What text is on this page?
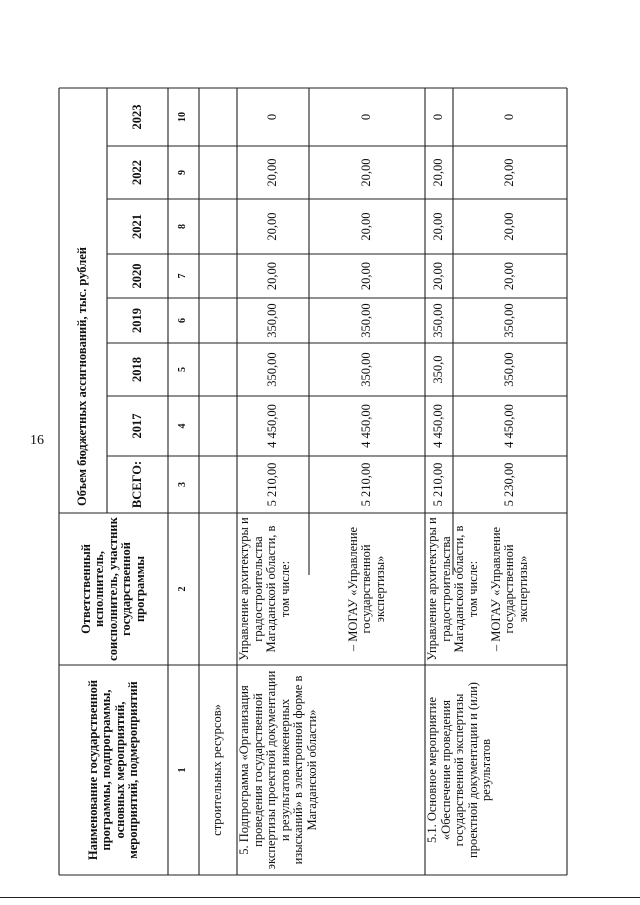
16	Объем бюджетных ассигнований, тыс. рублей
Наименование государственной программы, подпрограммы, основных мероприятий, мероприятий, подмероприятий
Ответственный исполнитель, соисполнитель, участник государственной программы
ВСЕГО:
2017
2018
2019
2020
2021
2022
2023
1
2
3
4
5
6
7
8
9
10
строительных ресурсов»	5. Подпрограмма «Организация проведения государственной экспертизы проектной документации и результатов инженерных изысканий» в электронной форме в Магаданской области»
Управление архитектуры и градостроительства Магаданской области, в том числе:
5 210,00
4 450,00
350,00
350,00
20,00
20,00
20,00
0
– МОГАУ «Управление государственной экспертизы»
5 210,00
4 450,00
350,00
350,00
20,00
20,00
20,00
0
5.1. Основное мероприятие «Обеспечение проведения государственной экспертизы проектной документации и (или) результатов
Управление архитектуры и градостроительства Магаданской области, в том числе:
5 210,00
4 450,00
350,0
350,00
20,00
20,00
20,00
0
– МОГАУ «Управление государственной экспертизы»
5 230,00
4 450,00
350,00
350,00
20,00
20,00
20,00
0
